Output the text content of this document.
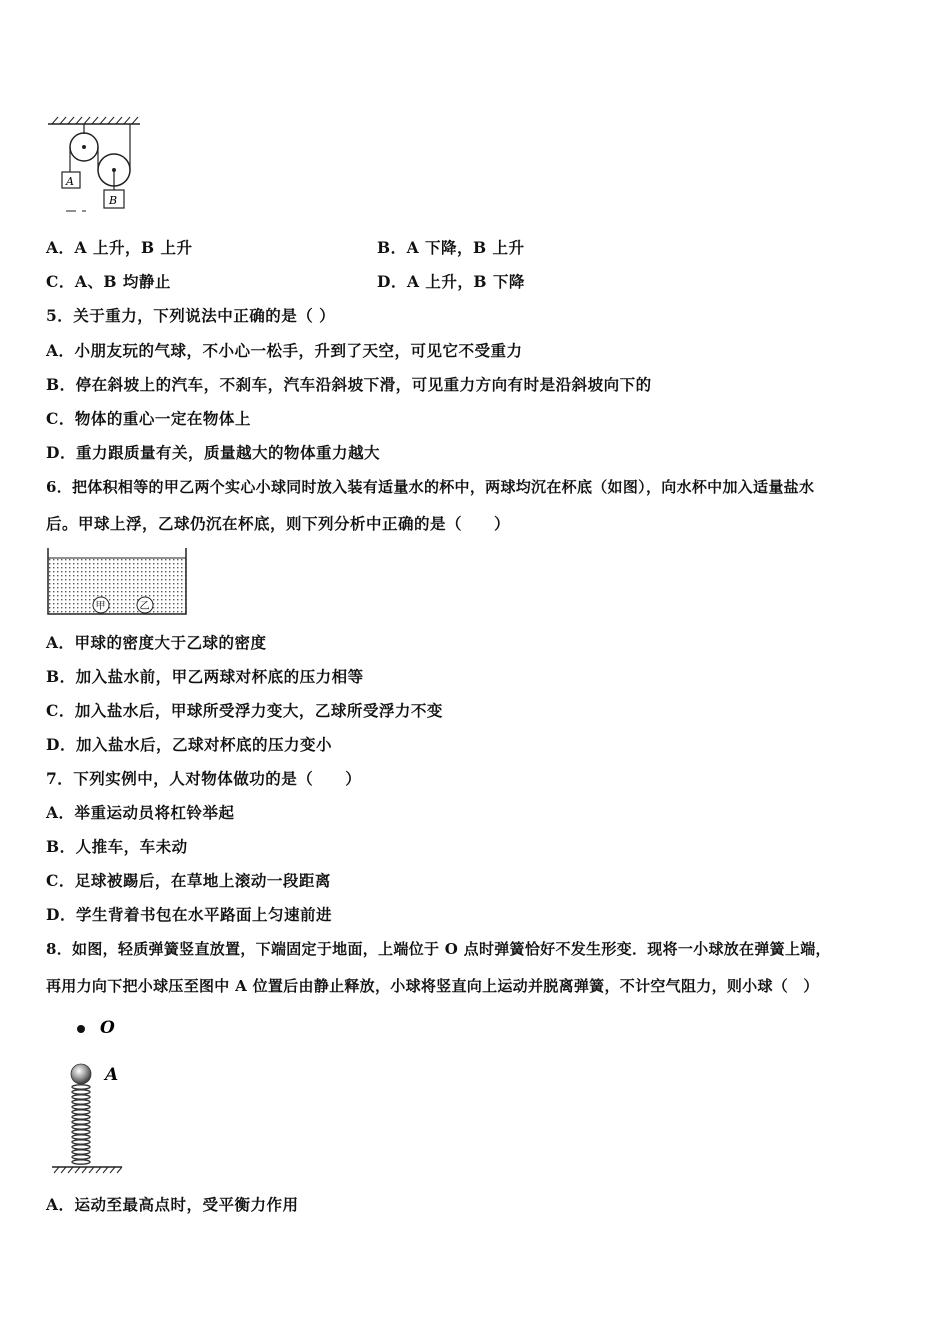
A
B
A．A 上升，B 上升	B．A 下降，B 上升
C．A、B 均静止	D．A 上升，B 下降
5．关于重力，下列说法中正确的是（ ）
A．小朋友玩的气球，不小心一松手，升到了天空，可见它不受重力
B．停在斜坡上的汽车，不刹车，汽车沿斜坡下滑，可见重力方向有时是沿斜坡向下的
C．物体的重心一定在物体上
D．重力跟质量有关，质量越大的物体重力越大
6．把体积相等的甲乙两个实心小球同时放入装有适量水的杯中，两球均沉在杯底（如图），向水杯中加入适量盐水
后。甲球上浮，乙球仍沉在杯底，则下列分析中正确的是（　　）
甲	乙
A．甲球的密度大于乙球的密度
B．加入盐水前，甲乙两球对杯底的压力相等
C．加入盐水后，甲球所受浮力变大，乙球所受浮力不变
D．加入盐水后，乙球对杯底的压力变小
7．下列实例中，人对物体做功的是（　　）
A．举重运动员将杠铃举起
B．人推车，车未动
C．足球被踢后，在草地上滚动一段距离
D．学生背着书包在水平路面上匀速前进
8．如图，轻质弹簧竖直放置，下端固定于地面，上端位于 O 点时弹簧恰好不发生形变．现将一小球放在弹簧上端，
再用力向下把小球压至图中 A 位置后由静止释放，小球将竖直向上运动并脱离弹簧，不计空气阻力，则小球（　）
O
A
A．运动至最高点时，受平衡力作用
